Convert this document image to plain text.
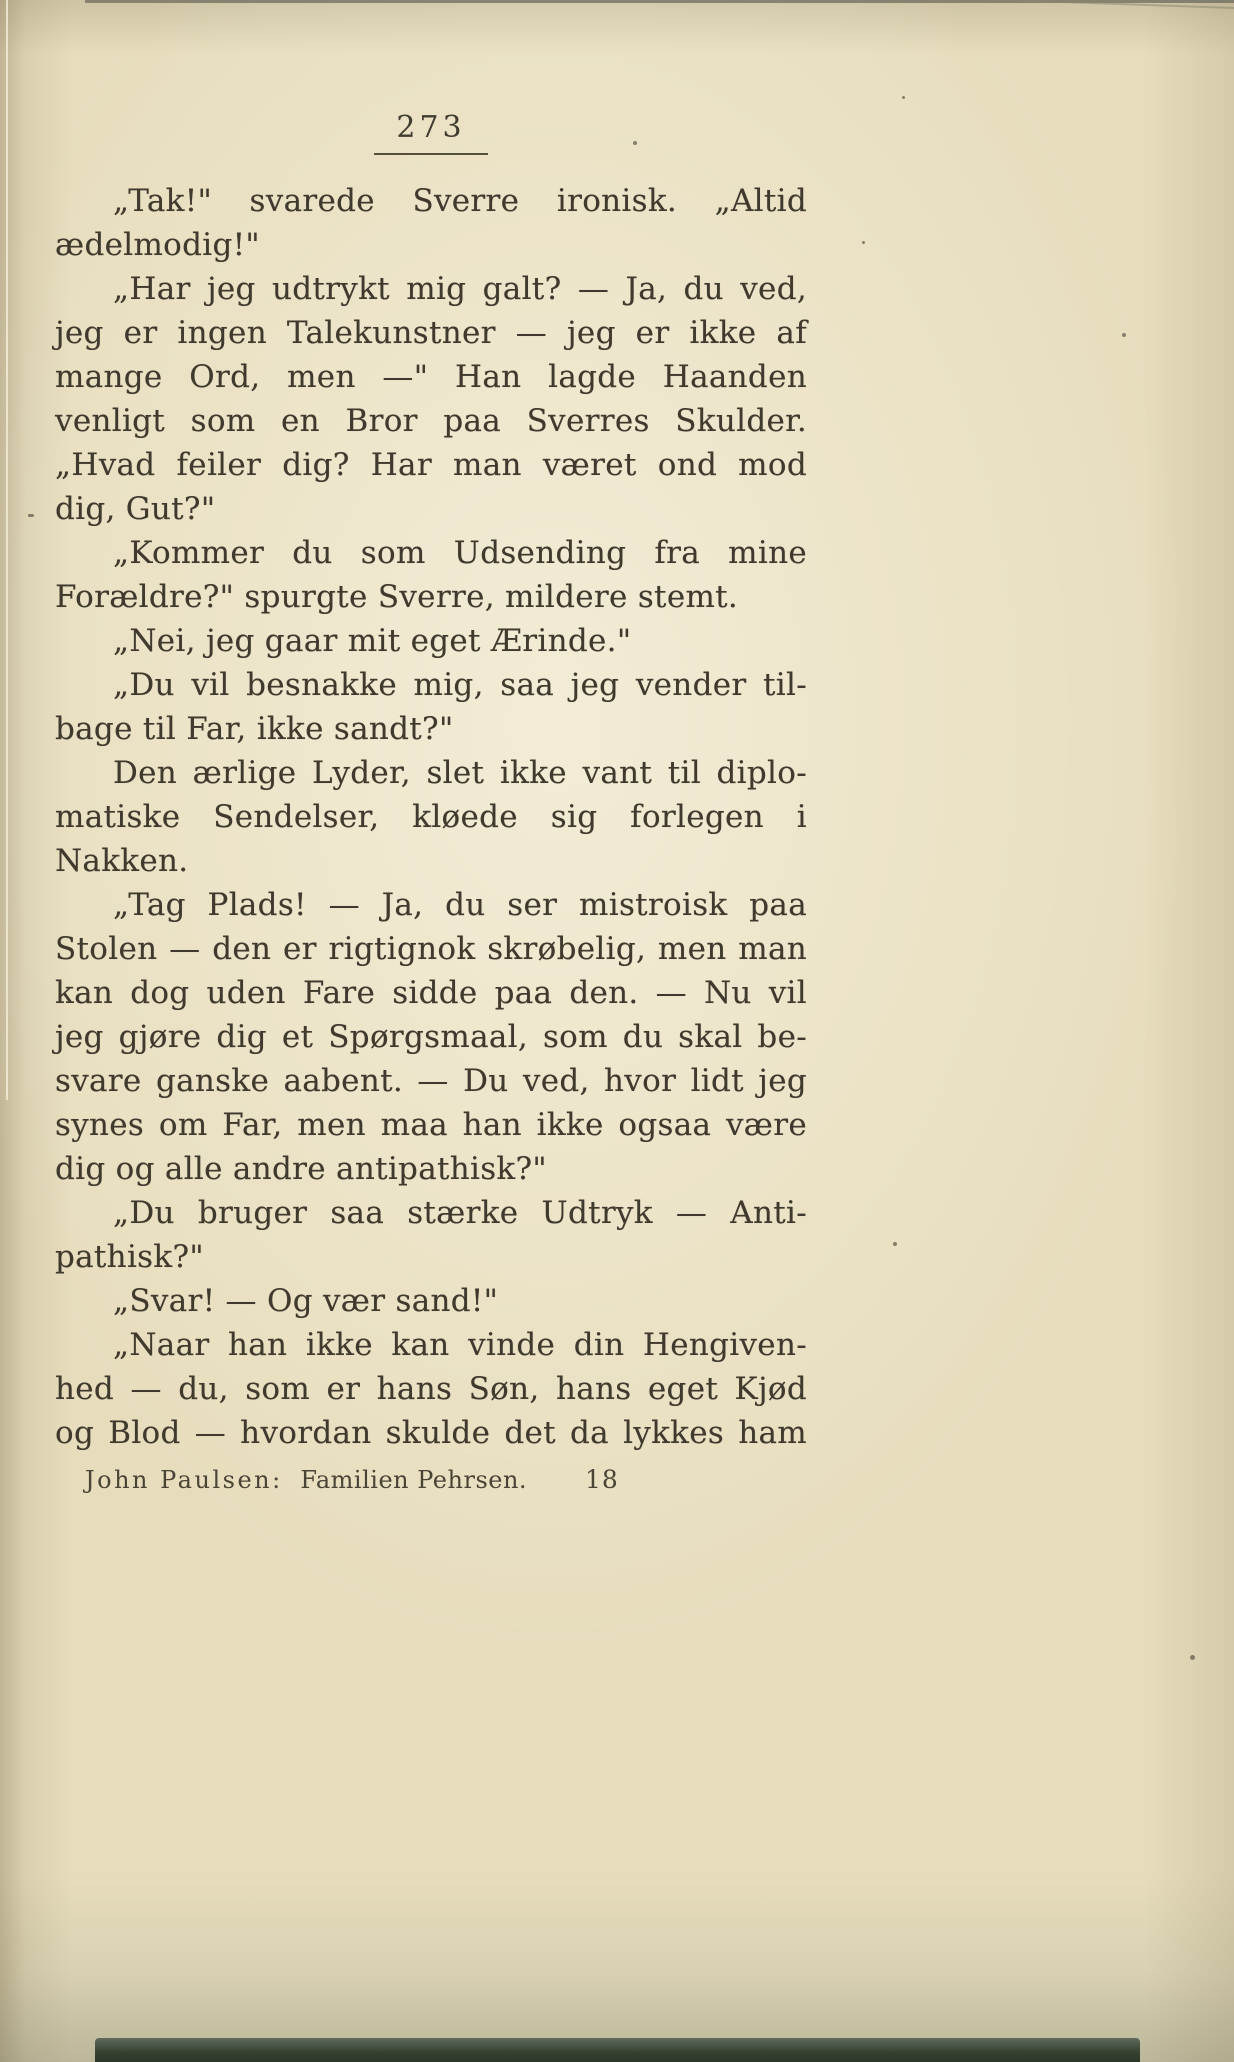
273
„Tak!" svarede Sverre ironisk. „Altid
ædelmodig!"
„Har jeg udtrykt mig galt? — Ja, du ved,
jeg er ingen Talekunstner — jeg er ikke af
mange Ord, men —" Han lagde Haanden
venligt som en Bror paa Sverres Skulder.
„Hvad feiler dig? Har man været ond mod
dig, Gut?"
„Kommer du som Udsending fra mine
Forældre?" spurgte Sverre, mildere stemt.
„Nei, jeg gaar mit eget Ærinde."
„Du vil besnakke mig, saa jeg vender til-
bage til Far, ikke sandt?"
Den ærlige Lyder, slet ikke vant til diplo-
matiske Sendelser, kløede sig forlegen i Nakken.
„Tag Plads! — Ja, du ser mistroisk paa
Stolen — den er rigtignok skrøbelig, men man
kan dog uden Fare sidde paa den. — Nu vil
jeg gjøre dig et Spørgsmaal, som du skal be-
svare ganske aabent. — Du ved, hvor lidt jeg
synes om Far, men maa han ikke ogsaa være
dig og alle andre antipathisk?"
„Du bruger saa stærke Udtryk — Anti-
pathisk?"
„Svar! — Og vær sand!"
„Naar han ikke kan vinde din Hengiven-
hed — du, som er hans Søn, hans eget Kjød
og Blod — hvordan skulde det da lykkes ham
John Paulsen: Familien Pehrsen. 18
